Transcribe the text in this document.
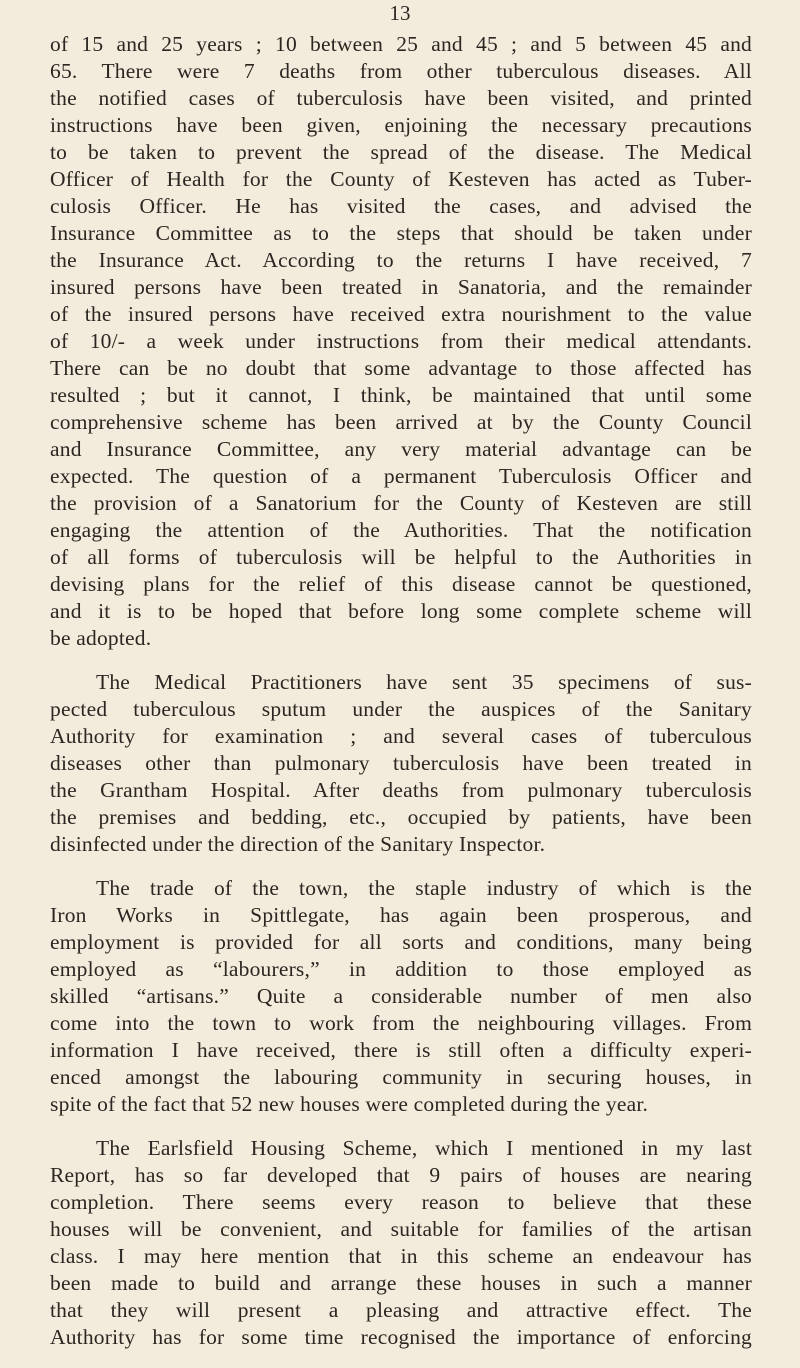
13
of 15 and 25 years ; 10 between 25 and 45 ; and 5 between 45 and
65. There were 7 deaths from other tuberculous diseases. All
the notified cases of tuberculosis have been visited, and printed
instructions have been given, enjoining the necessary precautions
to be taken to prevent the spread of the disease. The Medical
Officer of Health for the County of Kesteven has acted as Tuber-
culosis Officer. He has visited the cases, and advised the
Insurance Committee as to the steps that should be taken under
the Insurance Act. According to the returns I have received, 7
insured persons have been treated in Sanatoria, and the remainder
of the insured persons have received extra nourishment to the value
of 10/- a week under instructions from their medical attendants.
There can be no doubt that some advantage to those affected has
resulted ; but it cannot, I think, be maintained that until some
comprehensive scheme has been arrived at by the County Council
and Insurance Committee, any very material advantage can be
expected. The question of a permanent Tuberculosis Officer and
the provision of a Sanatorium for the County of Kesteven are still
engaging the attention of the Authorities. That the notification
of all forms of tuberculosis will be helpful to the Authorities in
devising plans for the relief of this disease cannot be questioned,
and it is to be hoped that before long some complete scheme will
be adopted.
The Medical Practitioners have sent 35 specimens of sus-
pected tuberculous sputum under the auspices of the Sanitary
Authority for examination ; and several cases of tuberculous
diseases other than pulmonary tuberculosis have been treated in
the Grantham Hospital. After deaths from pulmonary tuberculosis
the premises and bedding, etc., occupied by patients, have been
disinfected under the direction of the Sanitary Inspector.
The trade of the town, the staple industry of which is the
Iron Works in Spittlegate, has again been prosperous, and
employment is provided for all sorts and conditions, many being
employed as “labourers,” in addition to those employed as
skilled “artisans.” Quite a considerable number of men also
come into the town to work from the neighbouring villages. From
information I have received, there is still often a difficulty experi-
enced amongst the labouring community in securing houses, in
spite of the fact that 52 new houses were completed during the year.
The Earlsfield Housing Scheme, which I mentioned in my last
Report, has so far developed that 9 pairs of houses are nearing
completion. There seems every reason to believe that these
houses will be convenient, and suitable for families of the artisan
class. I may here mention that in this scheme an endeavour has
been made to build and arrange these houses in such a manner
that they will present a pleasing and attractive effect. The
Authority has for some time recognised the importance of enforcing
